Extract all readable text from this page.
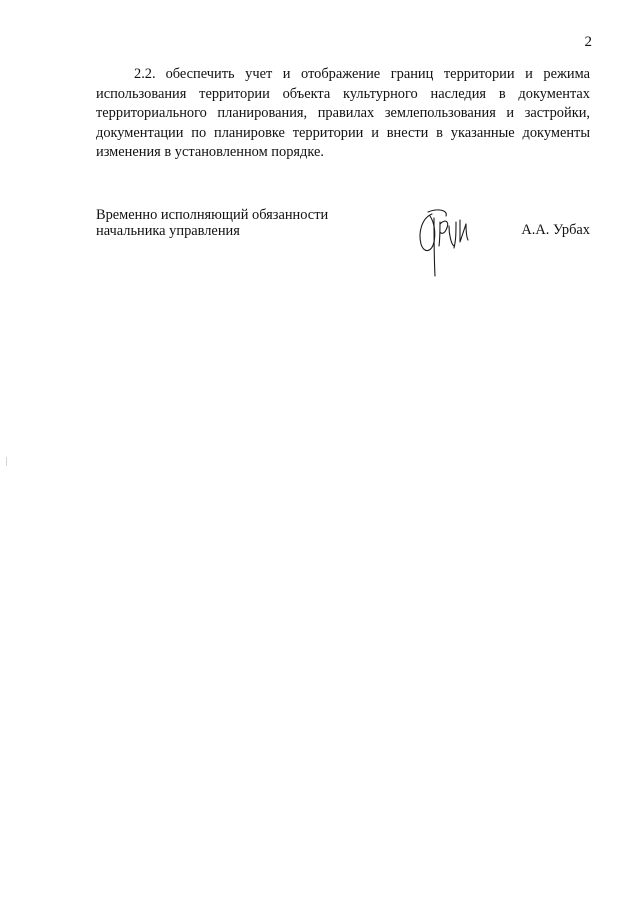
2
2.2. обеспечить учет и отображение границ территории и режима
использования территории объекта культурного наследия в документах
территориального планирования, правилах землепользования и застройки,
документации по планировке территории и внести в указанные документы
изменения в установленном порядке.
Временно исполняющий обязанности
начальника управления	А.А. Урбах
